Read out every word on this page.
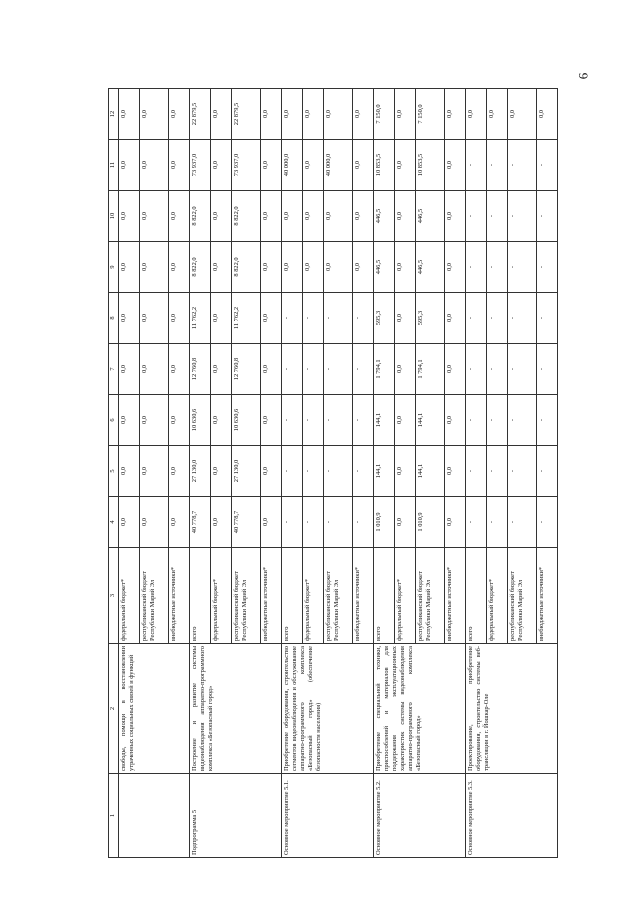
6
1	2	3	4	5	6	7	8	9	10	11	12
	свободы, помощи в восстановлении утраченных социальных связей и функций	федеральный бюджет*	0,0	0,0	0,0	0,0	0,0	0,0	0,0	0,0	0,0
		республиканский бюджет Республики Марий Эл	0,0	0,0	0,0	0,0	0,0	0,0	0,0	0,0	0,0
		внебюджетные источники*	0,0	0,0	0,0	0,0	0,0	0,0	0,0	0,0	0,0
Подпрограмма 5	Построение и развитие системы видеонаблюдения аппаратно-программного комплекса «Безопасный город»	всего	40 778,7	27 130,0	10 630,6	12 760,8	11 762,2	8 822,0	8 822,0	73 937,0	22 879,5
		федеральный бюджет*	0,0	0,0	0,0	0,0	0,0	0,0	0,0	0,0	0,0
		республиканский бюджет Республики Марий Эл	40 778,7	27 130,0	10 630,6	12 760,8	11 762,2	8 822,0	8 822,0	73 937,0	22 879,5
		внебюджетные источники*	0,0	0,0	0,0	0,0	0,0	0,0	0,0	0,0	0,0
Основное мероприятие 5.1.	Приобретение оборудования, строительство сегментов видеонаблюдения и обслуживание аппаратно-программного комплекса «Безопасный город» (обеспечение безопасности населения)	всего	-	-	-	-	-	0,0	0,0	40 000,0	0,0
		федеральный бюджет*	-	-	-	-	-	0,0	0,0	0,0	0,0
		республиканский бюджет Республики Марий Эл	-	-	-	-	-	0,0	0,0	40 000,0	0,0
		внебюджетные источники*	-	-	-	-	-	0,0	0,0	0,0	0,0
Основное мероприятие 5.2.	Приобретение специальной техники, приспособлений и материалов для поддержания эксплуатационных характеристик системы видеонаблюдения аппаратно-программного комплекса «Безопасный город»	всего	1 010,9	144,1	144,1	1 794,1	595,3	446,5	446,5	10 853,5	7 150,0
		федеральный бюджет*	0,0	0,0	0,0	0,0	0,0	0,0	0,0	0,0	0,0
		республиканский бюджет Республики Марий Эл	1 010,9	144,1	144,1	1 794,1	595,3	446,5	446,5	10 853,5	7 150,0
		внебюджетные источники*	0,0	0,0	0,0	0,0	0,0	0,0	0,0	0,0	0,0
Основное мероприятие 5.3.	Проектирование, приобретение оборудования, строительство системы веб-трансляции в г. Йошкар-Оле	всего	-	-	-	-	-	-	-	-	0,0
		федеральный бюджет*	-	-	-	-	-	-	-	-	0,0
		республиканский бюджет Республики Марий Эл	-	-	-	-	-	-	-	-	0,0
		внебюджетные источники*	-	-	-	-	-	-	-	-	0,0
